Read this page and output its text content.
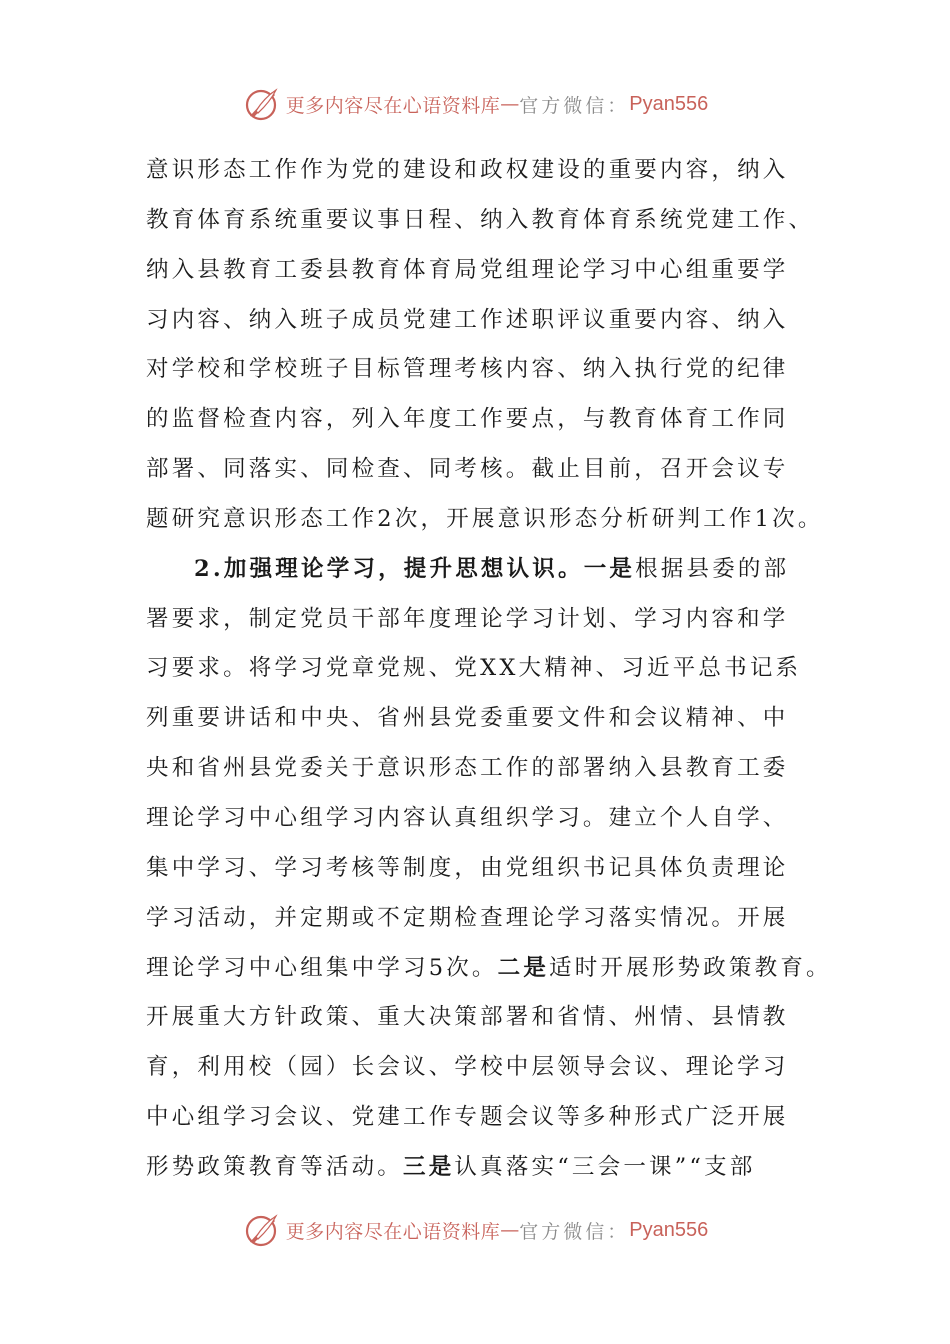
更多内容尽在心语资料库 — 官方微信： Pyan556
意识形态工作作为党的建设和政权建设的重要内容，纳入
教育体育系统重要议事日程、纳入教育体育系统党建工作、
纳入县教育工委县教育体育局党组理论学习中心组重要学
习内容、纳入班子成员党建工作述职评议重要内容、纳入
对学校和学校班子目标管理考核内容、纳入执行党的纪律
的监督检查内容，列入年度工作要点，与教育体育工作同
部署、同落实、同检查、同考核。截止目前，召开会议专
题研究意识形态工作2次，开展意识形态分析研判工作1次。
2.加强理论学习，提升思想认识。一是根据县委的部
署要求，制定党员干部年度理论学习计划、学习内容和学
习要求。将学习党章党规、党XX大精神、习近平总书记系
列重要讲话和中央、省州县党委重要文件和会议精神、中
央和省州县党委关于意识形态工作的部署纳入县教育工委
理论学习中心组学习内容认真组织学习。建立个人自学、
集中学习、学习考核等制度，由党组织书记具体负责理论
学习活动，并定期或不定期检查理论学习落实情况。开展
理论学习中心组集中学习5次。二是适时开展形势政策教育。
开展重大方针政策、重大决策部署和省情、州情、县情教
育，利用校（园）长会议、学校中层领导会议、理论学习
中心组学习会议、党建工作专题会议等多种形式广泛开展
形势政策教育等活动。三是认真落实“三会一课”“支部
更多内容尽在心语资料库 — 官方微信： Pyan556
